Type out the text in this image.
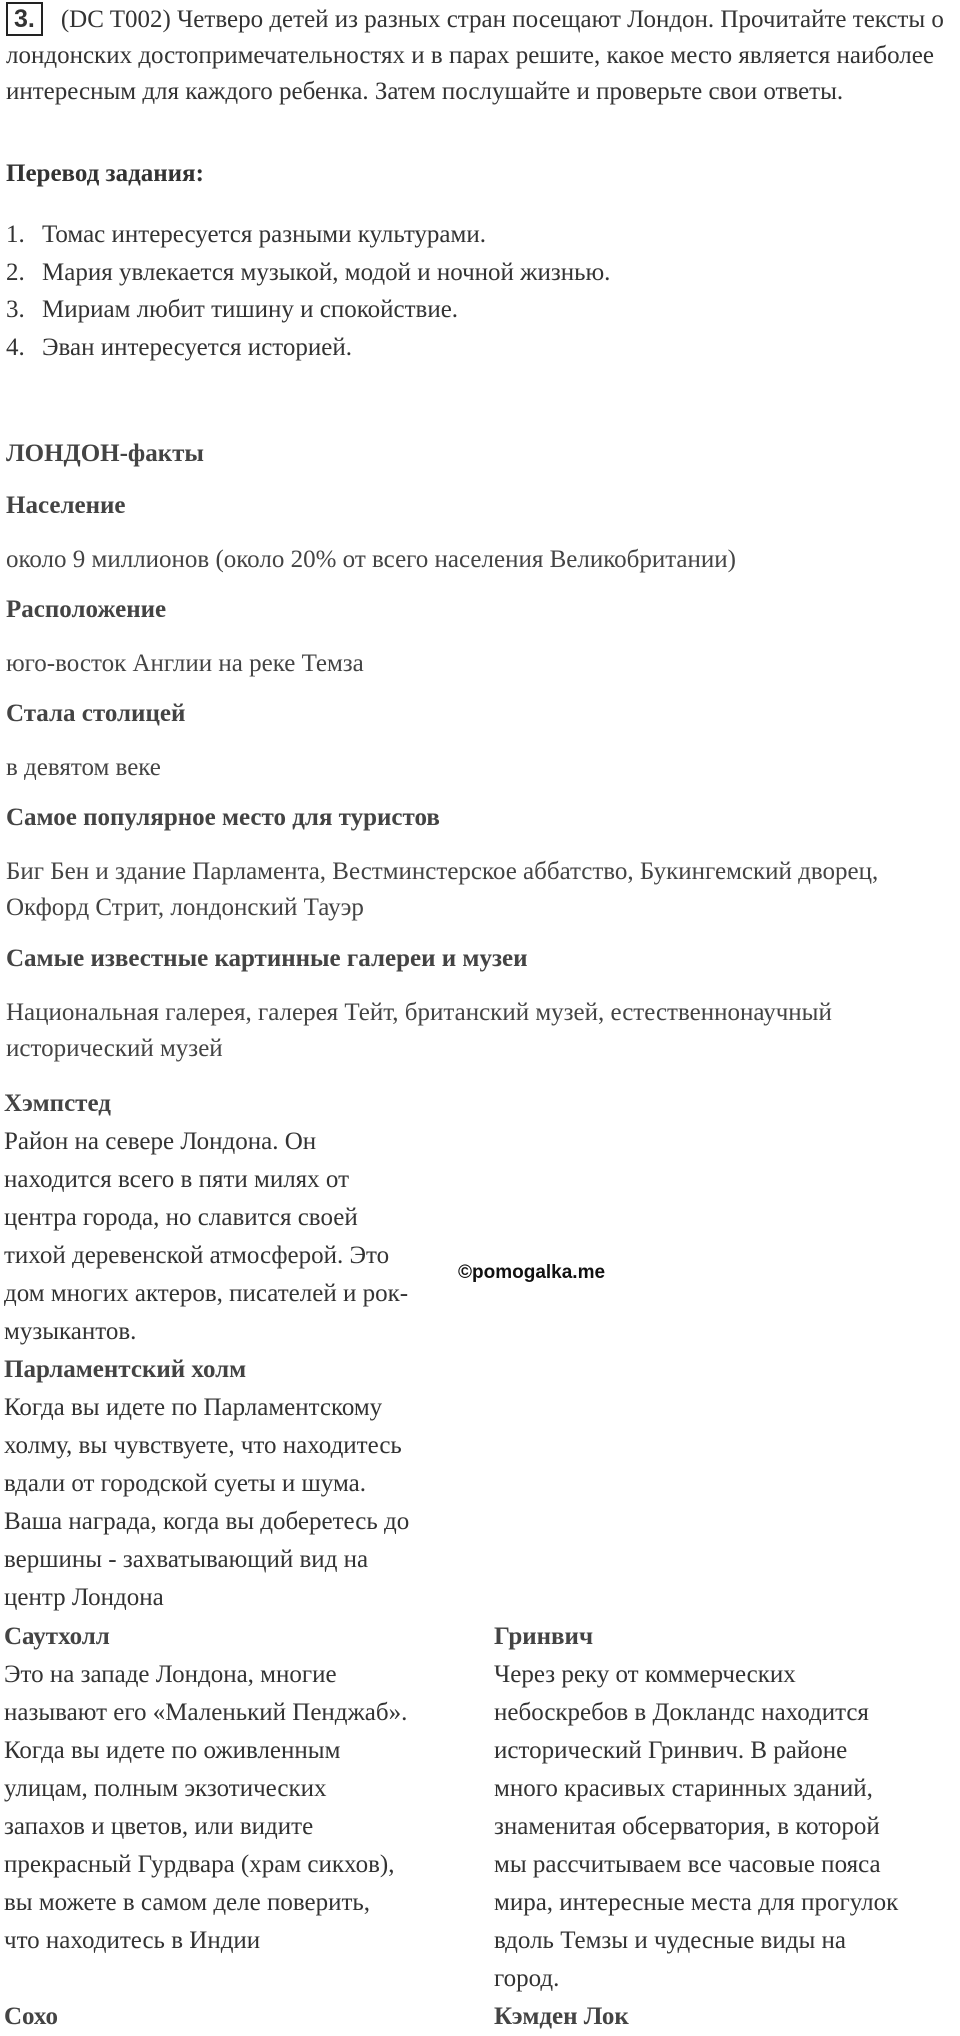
3. (DC T002) Четверо детей из разных стран посещают Лондон. Прочитайте тексты о лондонских достопримечательностях и в парах решите, какое место является наиболее интересным для каждого ребенка. Затем послушайте и проверьте свои ответы.
Перевод задания:
1. Томас интересуется разными культурами.
2. Мария увлекается музыкой, модой и ночной жизнью.
3. Мириам любит тишину и спокойствие.
4. Эван интересуется историей.

ЛОНДОН-факты

Население

около 9 миллионов (около 20% от всего населения Великобритании)

Расположение

юго-восток Англии на реке Темза

Стала столицей

в девятом веке

Самое популярное место для туристов

Биг Бен и здание Парламента, Вестминстерское аббатство, Букингемский дворец, Окфорд Стрит, лондонский Тауэр

Самые известные картинные галереи и музеи

Национальная галерея, галерея Тейт, британский музей, естественнонаучный исторический музей

Хэмпстед
Район на севере Лондона. Он
находится всего в пяти милях от
центра города, но славится своей
тихой деревенской атмосферой. Это
дом многих актеров, писателей и рок-
музыкантов.
Парламентский холм
Когда вы идете по Парламентскому
холму, вы чувствуете, что находитесь
вдали от городской суеты и шума.
Ваша награда, когда вы доберетесь до
вершины - захватывающий вид на
центр Лондона
Саутхолл
Это на западе Лондона, многие
называют его «Маленький Пенджаб».
Когда вы идете по оживленным
улицам, полным экзотических
запахов и цветов, или видите
прекрасный Гурдвара (храм сикхов),
вы можете в самом деле поверить,
что находитесь в Индии
Гринвич
Через реку от коммерческих
небоскребов в Докландс находится
исторический Гринвич. В районе
много красивых старинных зданий,
знаменитая обсерватория, в которой
мы рассчитываем все часовые пояса
мира, интересные места для прогулок
вдоль Темзы и чудесные виды на
город.
Сохо	Кэмден Лок
©pomogalka.me
